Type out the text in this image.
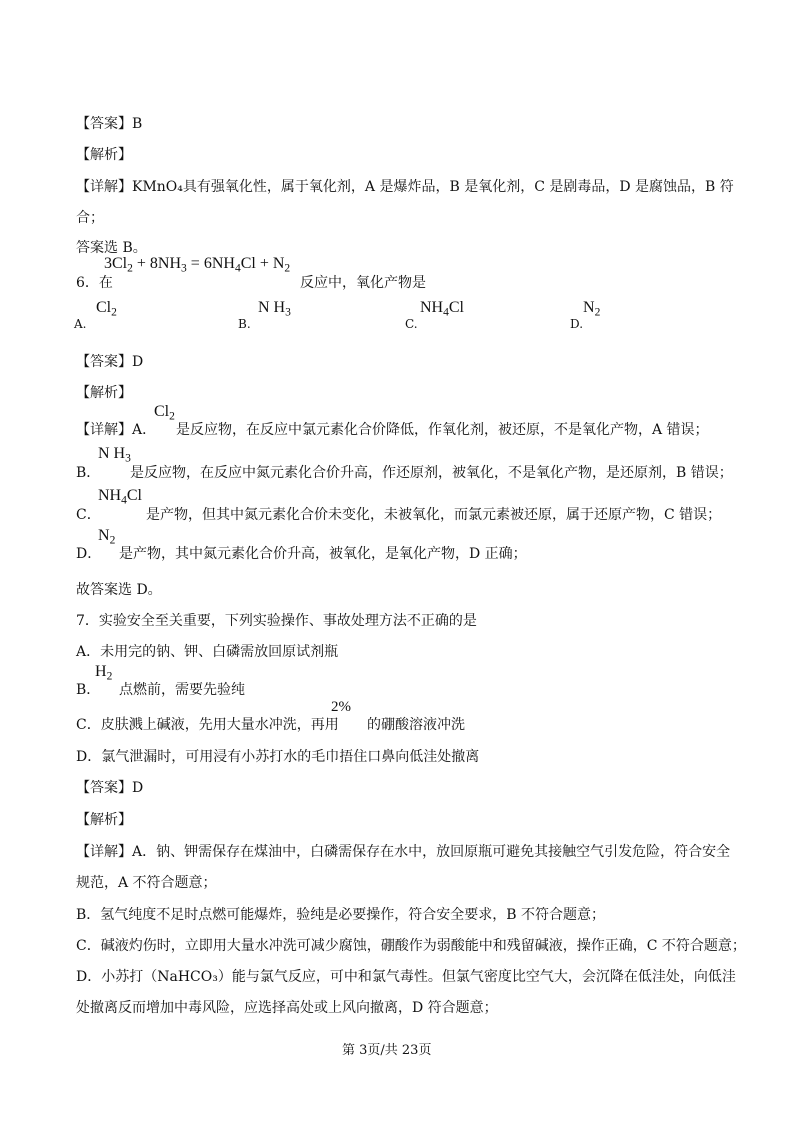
【答案】B
【解析】
【详解】KMnO₄具有强氧化性，属于氧化剂，A 是爆炸品，B 是氧化剂，C 是剧毒品，D 是腐蚀品，B 符
合；
答案选 B。
$3Cl_2 + 8NH_3 = 6NH_4Cl + N_2$
6．在	反应中，氧化产物是
$Cl_2$
A.
N $H_3$
B.
$NH_4Cl$
C.
$N_2$
D.
【答案】D
【解析】
$Cl_2$
【详解】A． 是反应物，在反应中氯元素化合价降低，作氧化剂，被还原，不是氧化产物，A 错误；
N $H_3$
B． 是反应物，在反应中氮元素化合价升高，作还原剂，被氧化，不是氧化产物，是还原剂，B 错误；
$NH_4Cl$
C．	是产物，但其中氮元素化合价未变化，未被氧化，而氯元素被还原，属于还原产物，C 错误；
$N_2$
D． 是产物，其中氮元素化合价升高，被氧化，是氧化产物，D 正确；
故答案选 D。
7．实验安全至关重要，下列实验操作、事故处理方法不正确的是
A．未用完的钠、钾、白磷需放回原试剂瓶
$H_2$
B． 点燃前，需要先验纯
2%
C．皮肤溅上碱液，先用大量水冲洗，再用 的硼酸溶液冲洗
D．氯气泄漏时，可用浸有小苏打水的毛巾捂住口鼻向低洼处撤离
【答案】D
【解析】
【详解】A．钠、钾需保存在煤油中，白磷需保存在水中，放回原瓶可避免其接触空气引发危险，符合安全
规范，A 不符合题意；
B．氢气纯度不足时点燃可能爆炸，验纯是必要操作，符合安全要求，B 不符合题意；
C．碱液灼伤时，立即用大量水冲洗可减少腐蚀，硼酸作为弱酸能中和残留碱液，操作正确，C 不符合题意；
D．小苏打（NaHCO₃）能与氯气反应，可中和氯气毒性。但氯气密度比空气大，会沉降在低洼处，向低洼
处撤离反而增加中毒风险，应选择高处或上风向撤离，D 符合题意；
第 3页/共 23页
